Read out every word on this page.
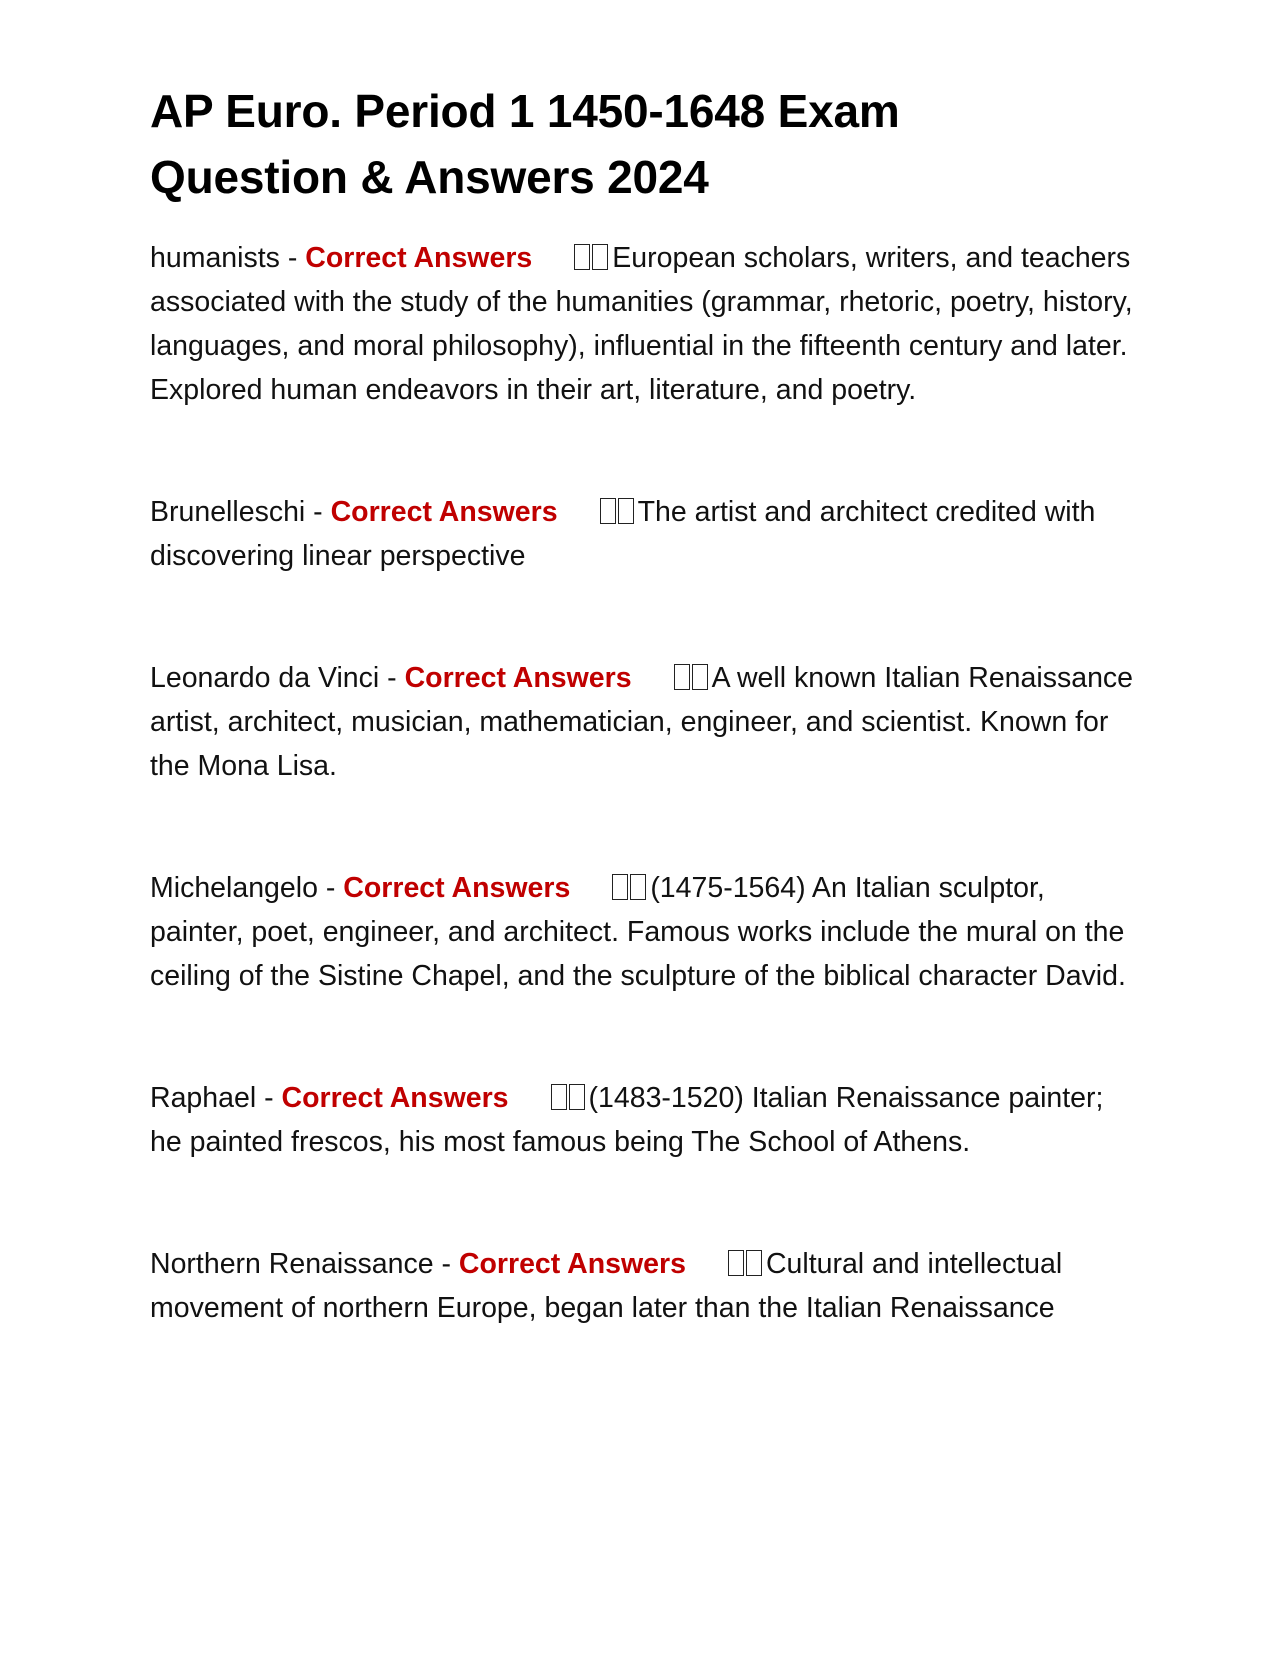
AP Euro. Period 1 1450-1648 Exam
Question & Answers 2024
humanists - Correct Answers	European scholars, writers, and teachers associated with the study of the humanities (grammar, rhetoric, poetry, history, languages, and moral philosophy), influential in the fifteenth century and later. Explored human endeavors in their art, literature, and poetry.
Brunelleschi - Correct Answers	The artist and architect credited with discovering linear perspective
Leonardo da Vinci - Correct Answers	A well known Italian Renaissance artist, architect, musician, mathematician, engineer, and scientist. Known for the Mona Lisa.
Michelangelo - Correct Answers	(1475-1564) An Italian sculptor, painter, poet, engineer, and architect. Famous works include the mural on the ceiling of the Sistine Chapel, and the sculpture of the biblical character David.
Raphael - Correct Answers	(1483-1520) Italian Renaissance painter; he painted frescos, his most famous being The School of Athens.
Northern Renaissance - Correct Answers	Cultural and intellectual movement of northern Europe, began later than the Italian Renaissance
